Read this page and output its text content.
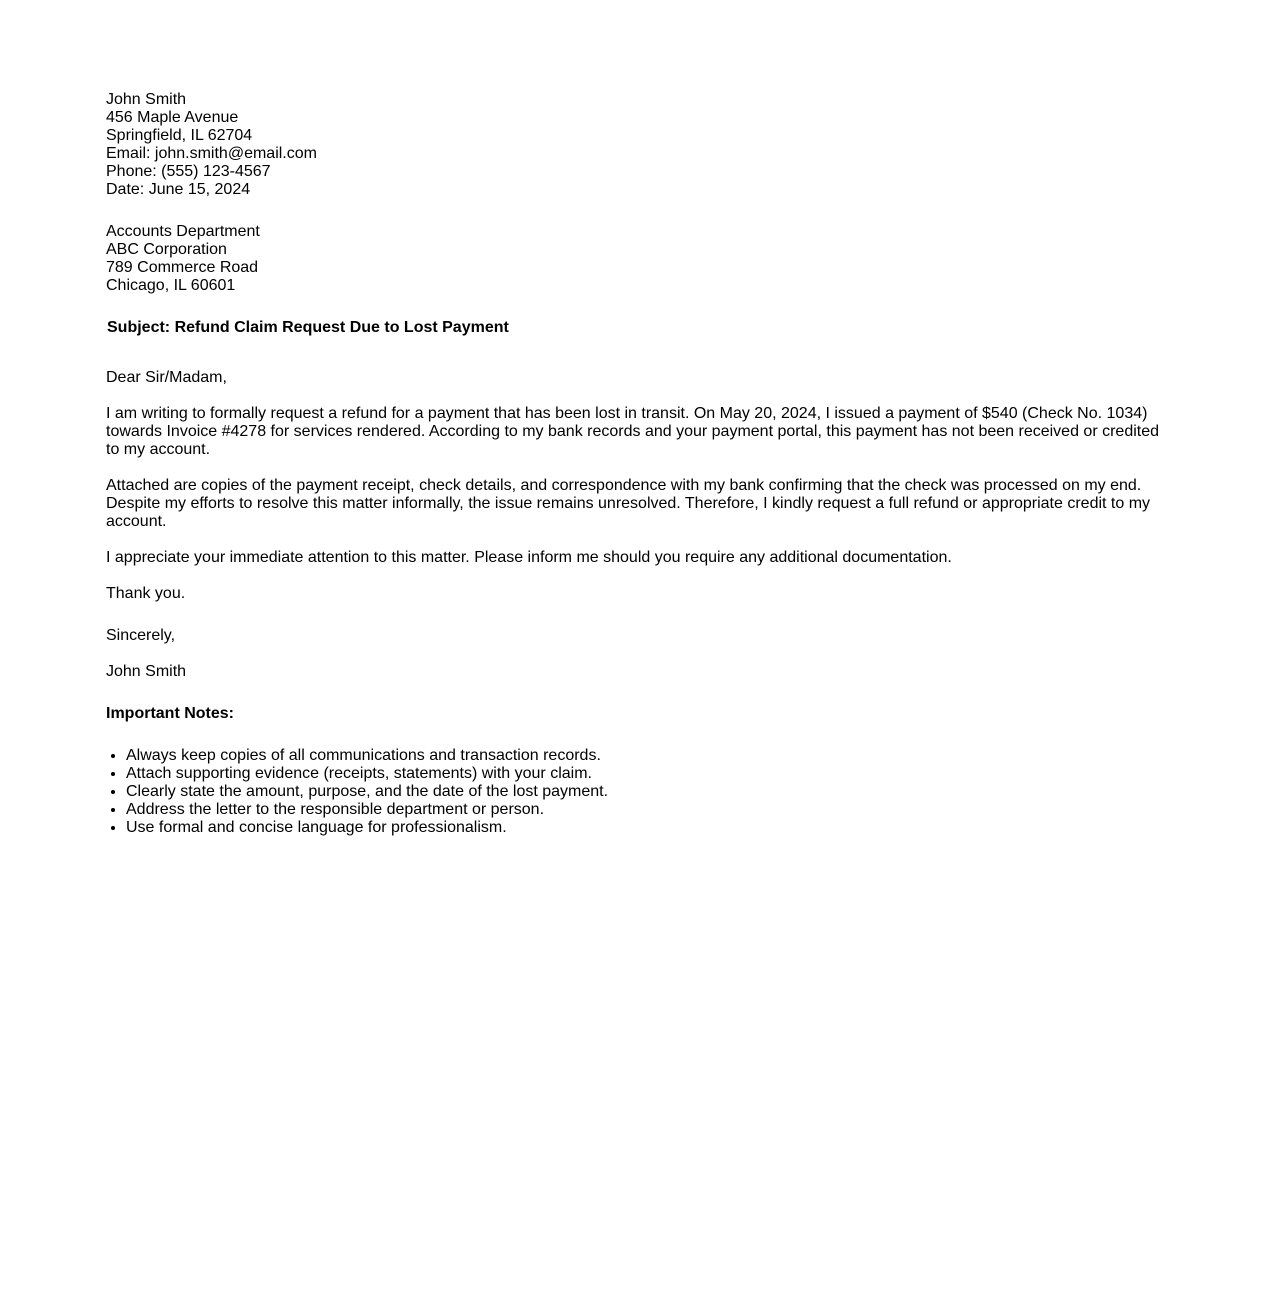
John Smith
456 Maple Avenue
Springfield, IL 62704
Email: john.smith@email.com
Phone: (555) 123-4567
Date: June 15, 2024
Accounts Department
ABC Corporation
789 Commerce Road
Chicago, IL 60601
Subject: Refund Claim Request Due to Lost Payment

Dear Sir/Madam,

I am writing to formally request a refund for a payment that has been lost in transit. On May 20, 2024, I issued a payment of $540 (Check No. 1034) towards Invoice #4278 for services rendered. According to my bank records and your payment portal, this payment has not been received or credited to my account.

Attached are copies of the payment receipt, check details, and correspondence with my bank confirming that the check was processed on my end. Despite my efforts to resolve this matter informally, the issue remains unresolved. Therefore, I kindly request a full refund or appropriate credit to my account.

I appreciate your immediate attention to this matter. Please inform me should you require any additional documentation.

Thank you.

Sincerely,

John Smith

Important Notes:
• Always keep copies of all communications and transaction records.
• Attach supporting evidence (receipts, statements) with your claim.
• Clearly state the amount, purpose, and the date of the lost payment.
• Address the letter to the responsible department or person.
• Use formal and concise language for professionalism.
